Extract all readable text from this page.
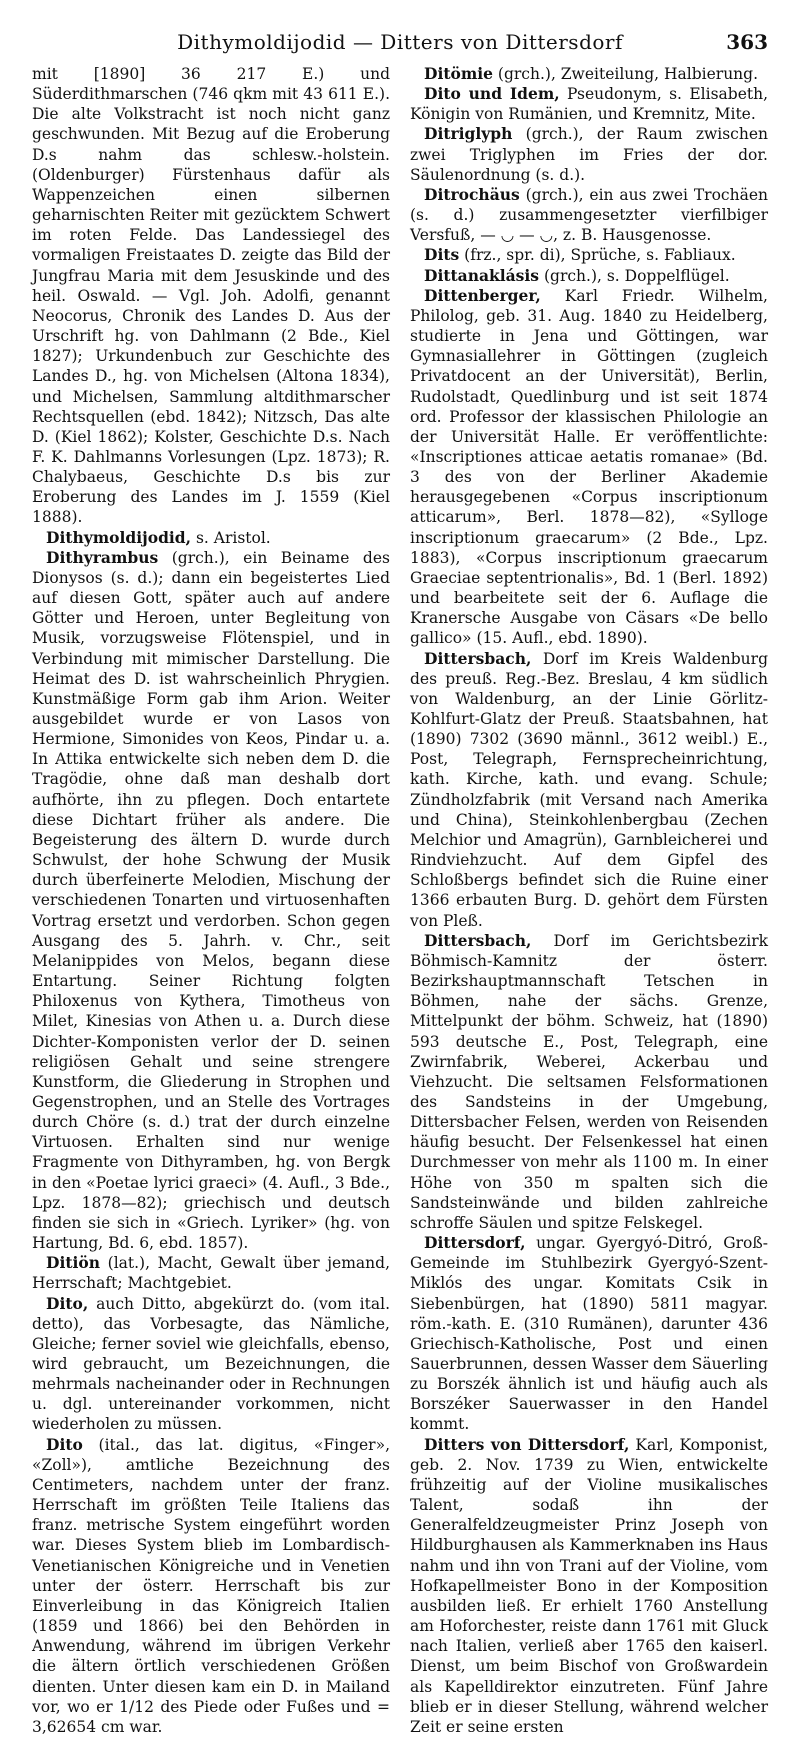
Dithymoldijodid — Ditters von Dittersdorf	363

mit [1890] 36 217 E.) und Süderdithmarschen (746 qkm mit 43 611 E.). Die alte Volkstracht ist noch nicht ganz geschwunden. Mit Bezug auf die Eroberung D.s nahm das schlesw.-holstein. (Oldenburger) Fürstenhaus dafür als Wappenzeichen einen silbernen geharnischten Reiter mit gezücktem Schwert im roten Felde. Das Landessiegel des vormaligen Freistaates D. zeigte das Bild der Jungfrau Maria mit dem Jesuskinde und des heil. Oswald. — Vgl. Joh. Adolfi, genannt Neocorus, Chronik des Landes D. Aus der Urschrift hg. von Dahlmann (2 Bde., Kiel 1827); Urkundenbuch zur Geschichte des Landes D., hg. von Michelsen (Altona 1834), und Michelsen, Sammlung altdithmarscher Rechtsquellen (ebd. 1842); Nitzsch, Das alte D. (Kiel 1862); Kolster, Geschichte D.s. Nach F. K. Dahlmanns Vorlesungen (Lpz. 1873); R. Chalybaeus, Geschichte D.s bis zur Eroberung des Landes im J. 1559 (Kiel 1888).

Dithymoldijodid, s. Aristol.

Dithyrambus (grch.), ein Beiname des Dionysos (s. d.); dann ein begeistertes Lied auf diesen Gott, später auch auf andere Götter und Heroen, unter Begleitung von Musik, vorzugsweise Flötenspiel, und in Verbindung mit mimischer Darstellung. Die Heimat des D. ist wahrscheinlich Phrygien. Kunstmäßige Form gab ihm Arion. Weiter ausgebildet wurde er von Lasos von Hermione, Simonides von Keos, Pindar u. a. In Attika entwickelte sich neben dem D. die Tragödie, ohne daß man deshalb dort aufhörte, ihn zu pflegen. Doch entartete diese Dichtart früher als andere. Die Begeisterung des ältern D. wurde durch Schwulst, der hohe Schwung der Musik durch überfeinerte Melodien, Mischung der verschiedenen Tonarten und virtuosenhaften Vortrag ersetzt und verdorben. Schon gegen Ausgang des 5. Jahrh. v. Chr., seit Melanippides von Melos, begann diese Entartung. Seiner Richtung folgten Philoxenus von Kythera, Timotheus von Milet, Kinesias von Athen u. a. Durch diese Dichter-Komponisten verlor der D. seinen religiösen Gehalt und seine strengere Kunstform, die Gliederung in Strophen und Gegenstrophen, und an Stelle des Vortrages durch Chöre (s. d.) trat der durch einzelne Virtuosen. Erhalten sind nur wenige Fragmente von Dithyramben, hg. von Bergk in den «Poetae lyrici graeci» (4. Aufl., 3 Bde., Lpz. 1878—82); griechisch und deutsch finden sie sich in «Griech. Lyriker» (hg. von Hartung, Bd. 6, ebd. 1857).

Ditiön (lat.), Macht, Gewalt über jemand, Herrschaft; Machtgebiet.

Dito, auch Ditto, abgekürzt do. (vom ital. detto), das Vorbesagte, das Nämliche, Gleiche; ferner soviel wie gleichfalls, ebenso, wird gebraucht, um Bezeichnungen, die mehrmals nacheinander oder in Rechnungen u. dgl. untereinander vorkommen, nicht wiederholen zu müssen.

Dito (ital., das lat. digitus, «Finger», «Zoll»), amtliche Bezeichnung des Centimeters, nachdem unter der franz. Herrschaft im größten Teile Italiens das franz. metrische System eingeführt worden war. Dieses System blieb im Lombardisch-Venetianischen Königreiche und in Venetien unter der österr. Herrschaft bis zur Einverleibung in das Königreich Italien (1859 und 1866) bei den Behörden in Anwendung, während im übrigen Verkehr die ältern örtlich verschiedenen Größen dienten. Unter diesen kam ein D. in Mailand vor, wo er 1/12 des Piede oder Fußes und = 3,62654 cm war.

Ditömie (grch.), Zweiteilung, Halbierung.

Dito und Idem, Pseudonym, s. Elisabeth, Königin von Rumänien, und Kremnitz, Mite.

Ditriglyph (grch.), der Raum zwischen zwei Triglyphen im Fries der dor. Säulenordnung (s. d.).

Ditrochäus (grch.), ein aus zwei Trochäen (s. d.) zusammengesetzter vierfilbiger Versfuß, — ◡ — ◡, z. B. Hausgenosse.

Dits (frz., spr. di), Sprüche, s. Fabliaux.

Dittanaklásis (grch.), s. Doppelflügel.

Dittenberger, Karl Friedr. Wilhelm, Philolog, geb. 31. Aug. 1840 zu Heidelberg, studierte in Jena und Göttingen, war Gymnasiallehrer in Göttingen (zugleich Privatdocent an der Universität), Berlin, Rudolstadt, Quedlinburg und ist seit 1874 ord. Professor der klassischen Philologie an der Universität Halle. Er veröffentlichte: «Inscriptiones atticae aetatis romanae» (Bd. 3 des von der Berliner Akademie herausgegebenen «Corpus inscriptionum atticarum», Berl. 1878—82), «Sylloge inscriptionum graecarum» (2 Bde., Lpz. 1883), «Corpus inscriptionum graecarum Graeciae septentrionalis», Bd. 1 (Berl. 1892) und bearbeitete seit der 6. Auflage die Kranersche Ausgabe von Cäsars «De bello gallico» (15. Aufl., ebd. 1890).

Dittersbach, Dorf im Kreis Waldenburg des preuß. Reg.-Bez. Breslau, 4 km südlich von Waldenburg, an der Linie Görlitz-Kohlfurt-Glatz der Preuß. Staatsbahnen, hat (1890) 7302 (3690 männl., 3612 weibl.) E., Post, Telegraph, Fernsprecheinrichtung, kath. Kirche, kath. und evang. Schule; Zündholzfabrik (mit Versand nach Amerika und China), Steinkohlenbergbau (Zechen Melchior und Amagrün), Garnbleicherei und Rindviehzucht. Auf dem Gipfel des Schloßbergs befindet sich die Ruine einer 1366 erbauten Burg. D. gehört dem Fürsten von Pleß.

Dittersbach, Dorf im Gerichtsbezirk Böhmisch-Kamnitz der österr. Bezirkshauptmannschaft Tetschen in Böhmen, nahe der sächs. Grenze, Mittelpunkt der böhm. Schweiz, hat (1890) 593 deutsche E., Post, Telegraph, eine Zwirnfabrik, Weberei, Ackerbau und Viehzucht. Die seltsamen Felsformationen des Sandsteins in der Umgebung, Dittersbacher Felsen, werden von Reisenden häufig besucht. Der Felsenkessel hat einen Durchmesser von mehr als 1100 m. In einer Höhe von 350 m spalten sich die Sandsteinwände und bilden zahlreiche schroffe Säulen und spitze Felskegel.

Dittersdorf, ungar. Gyergyó-Ditró, Groß-Gemeinde im Stuhlbezirk Gyergyó-Szent-Miklós des ungar. Komitats Csik in Siebenbürgen, hat (1890) 5811 magyar. röm.-kath. E. (310 Rumänen), darunter 436 Griechisch-Katholische, Post und einen Sauerbrunnen, dessen Wasser dem Säuerling zu Borszék ähnlich ist und häufig auch als Borszéker Sauerwasser in den Handel kommt.

Ditters von Dittersdorf, Karl, Komponist, geb. 2. Nov. 1739 zu Wien, entwickelte frühzeitig auf der Violine musikalisches Talent, sodaß ihn der Generalfeldzeugmeister Prinz Joseph von Hildburghausen als Kammerknaben ins Haus nahm und ihn von Trani auf der Violine, vom Hofkapellmeister Bono in der Komposition ausbilden ließ. Er erhielt 1760 Anstellung am Hoforchester, reiste dann 1761 mit Gluck nach Italien, verließ aber 1765 den kaiserl. Dienst, um beim Bischof von Großwardein als Kapelldirektor einzutreten. Fünf Jahre blieb er in dieser Stellung, während welcher Zeit er seine ersten
